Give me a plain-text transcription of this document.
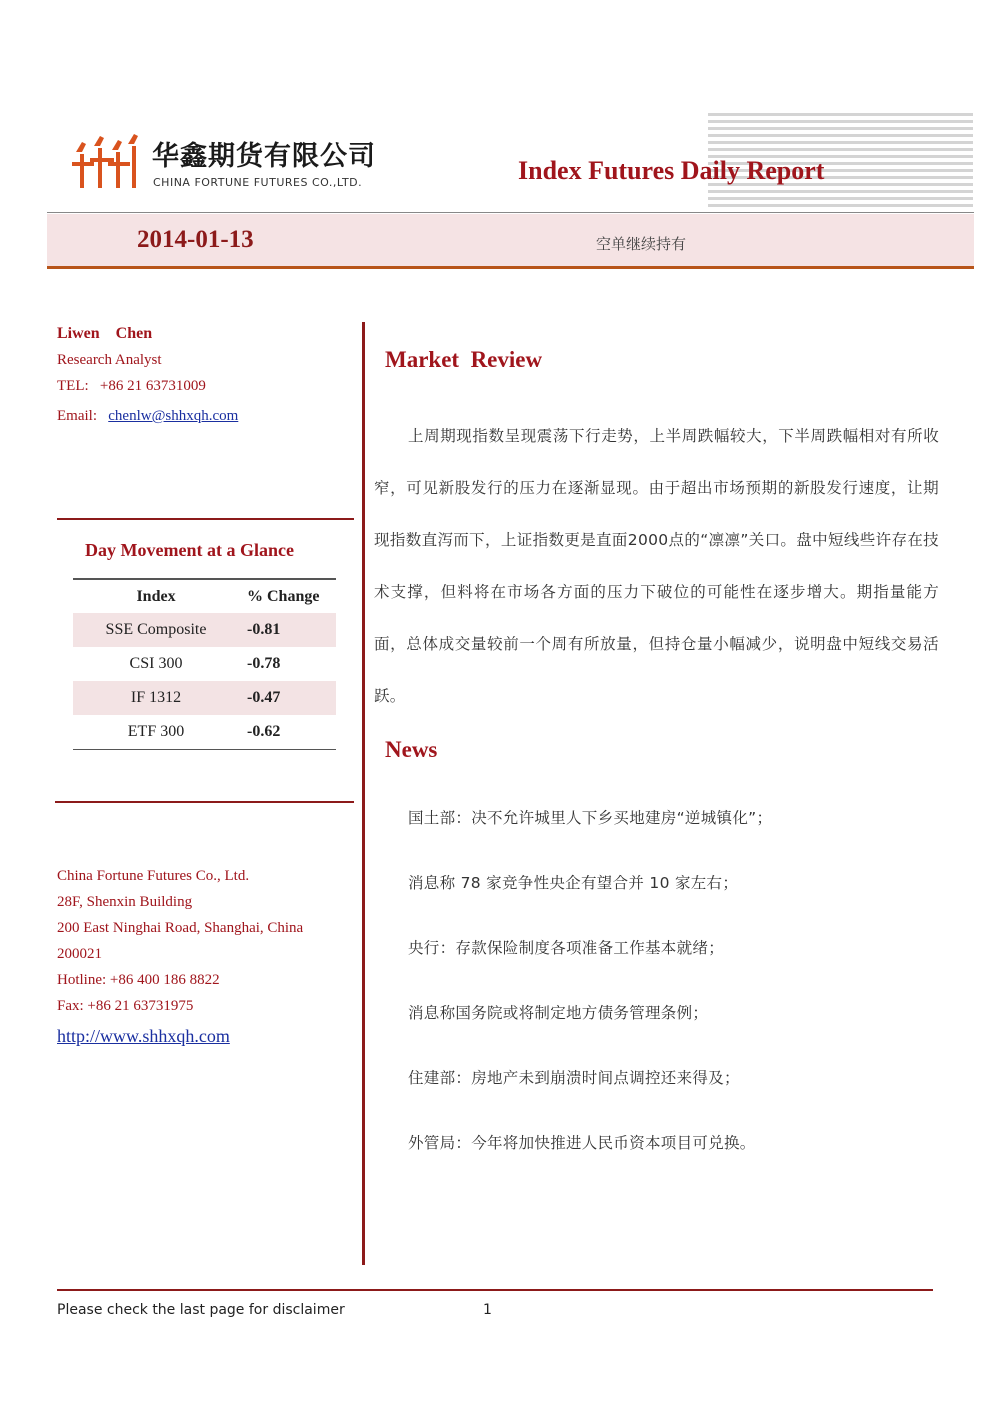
华鑫期货有限公司
CHINA FORTUNE FUTURES CO.,LTD.	Index Futures Daily Report
2014-01-13	空单继续持有
Liwen    Chen
Research Analyst
TEL:   +86 21 63731009
Email:   chenlw@shhxqh.com
Day Movement at a Glance
Index	% Change
SSE Composite	-0.81
CSI 300	-0.78
IF 1312	-0.47
ETF 300	-0.62
China Fortune Futures Co., Ltd.
28F, Shenxin Building
200 East Ninghai Road, Shanghai, China
200021
Hotline: +86 400 186 8822
Fax: +86 21 63731975
http://www.shhxqh.com
Market  Review
上周期现指数呈现震荡下行走势，上半周跌幅较大，下半周跌幅相对有所收窄，可见新股发行的压力在逐渐显现。由于超出市场预期的新股发行速度，让期现指数直泻而下，上证指数更是直面2000点的“凛凛”关口。盘中短线些许存在技术支撑，但料将在市场各方面的压力下破位的可能性在逐步增大。期指量能方面，总体成交量较前一个周有所放量，但持仓量小幅减少，说明盘中短线交易活跃。
News
国土部：决不允许城里人下乡买地建房“逆城镇化”；
消息称 78 家竞争性央企有望合并 10 家左右；
央行：存款保险制度各项准备工作基本就绪；
消息称国务院或将制定地方债务管理条例；
住建部：房地产未到崩溃时间点调控还来得及；
外管局：今年将加快推进人民币资本项目可兑换。
Please check the last page for disclaimer	1
